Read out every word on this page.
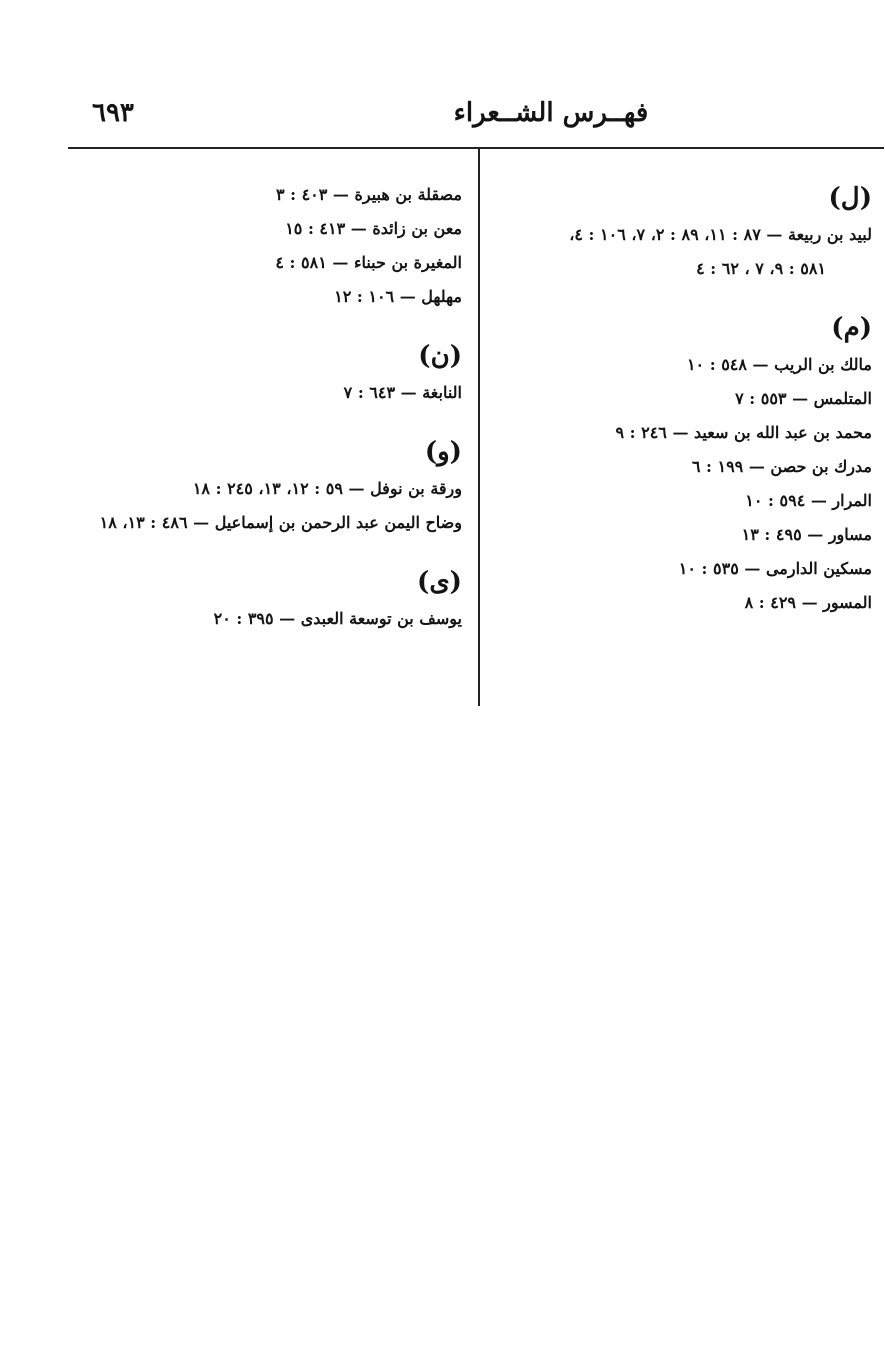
٦٩٣	فهــرس الشــعراء
(ل)
لبيد بن ربيعة — ٨٧ : ١١، ٨٩ : ٢، ٧، ١٠٦ : ٤،
٥٨١ : ٩، ٧ ، ٦٢ : ٤
(م)
مالك بن الريب — ٥٤٨ : ١٠
المتلمس — ٥٥٣ : ٧
محمد بن عبد الله بن سعيد — ٢٤٦ : ٩
مدرك بن حصن — ١٩٩ : ٦
المرار — ٥٩٤ : ١٠
مساور — ٤٩٥ : ١٣
مسكين الدارمى — ٥٣٥ : ١٠
المسور — ٤٢٩ : ٨
مصقلة بن هبيرة — ٤٠٣ : ٣
معن بن زائدة — ٤١٣ : ١٥
المغيرة بن حبناء — ٥٨١ : ٤
مهلهل — ١٠٦ : ١٢
(ن)
النابغة — ٦٤٣ : ٧
(و)
ورقة بن نوفل — ٥٩ : ١٢، ١٣، ٢٤٥ : ١٨
وضاح اليمن عبد الرحمن بن إسماعيل — ٤٨٦ : ١٣، ١٨
(ى)
يوسف بن توسعة العبدى — ٣٩٥ : ٢٠
